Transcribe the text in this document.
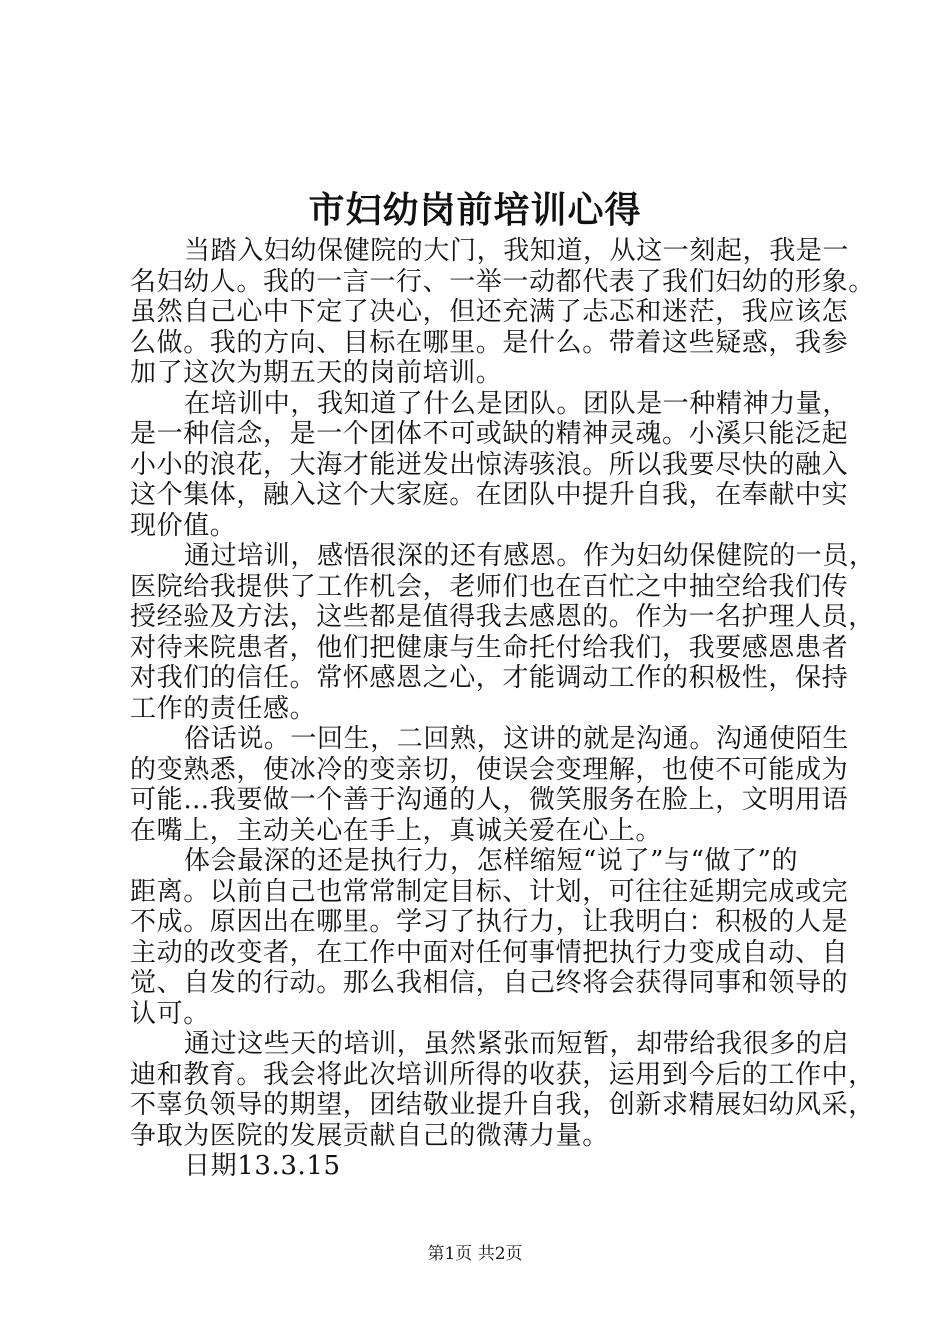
市妇幼岗前培训心得
当踏入妇幼保健院的大门，我知道，从这一刻起，我是一
名妇幼人。我的一言一行、一举一动都代表了我们妇幼的形象。
虽然自己心中下定了决心，但还充满了忐忑和迷茫，我应该怎
么做。我的方向、目标在哪里。是什么。带着这些疑惑，我参
加了这次为期五天的岗前培训。
在培训中，我知道了什么是团队。团队是一种精神力量，
是一种信念，是一个团体不可或缺的精神灵魂。小溪只能泛起
小小的浪花，大海才能迸发出惊涛骇浪。所以我要尽快的融入
这个集体，融入这个大家庭。在团队中提升自我，在奉献中实
现价值。
通过培训，感悟很深的还有感恩。作为妇幼保健院的一员，
医院给我提供了工作机会，老师们也在百忙之中抽空给我们传
授经验及方法，这些都是值得我去感恩的。作为一名护理人员，
对待来院患者，他们把健康与生命托付给我们，我要感恩患者
对我们的信任。常怀感恩之心，才能调动工作的积极性，保持
工作的责任感。
俗话说。一回生，二回熟，这讲的就是沟通。沟通使陌生
的变熟悉，使冰冷的变亲切，使误会变理解，也使不可能成为
可能…我要做一个善于沟通的人，微笑服务在脸上，文明用语
在嘴上，主动关心在手上，真诚关爱在心上。
体会最深的还是执行力，怎样缩短“说了”与“做了”的
距离。以前自己也常常制定目标、计划，可往往延期完成或完
不成。原因出在哪里。学习了执行力，让我明白：积极的人是
主动的改变者，在工作中面对任何事情把执行力变成自动、自
觉、自发的行动。那么我相信，自己终将会获得同事和领导的
认可。
通过这些天的培训，虽然紧张而短暂，却带给我很多的启
迪和教育。我会将此次培训所得的收获，运用到今后的工作中，
不辜负领导的期望，团结敬业提升自我，创新求精展妇幼风采，
争取为医院的发展贡献自己的微薄力量。
日期13.3.15
第1页 共2页
